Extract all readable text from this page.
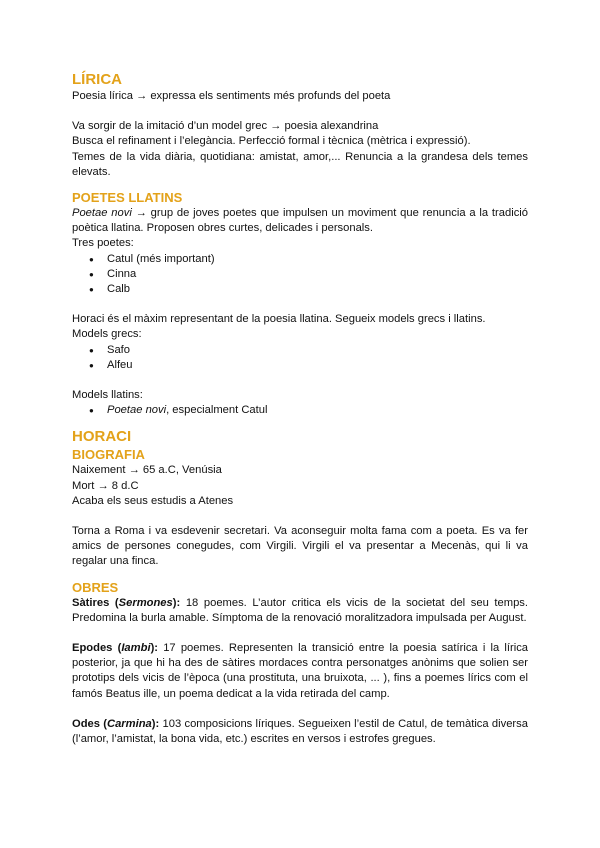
LÍRICA

Poesia lírica → expressa els sentiments més profunds del poeta

Va sorgir de la imitació d’un model grec → poesia alexandrina

Busca el refinament i l’elegància. Perfecció formal i tècnica (mètrica i expressió).

Temes de la vida diària, quotidiana: amistat, amor,... Renuncia a la grandesa dels temes elevats.

POETES LLATINS

Poetae novi → grup de joves poetes que impulsen un moviment que renuncia a la tradició poètica llatina. Proposen obres curtes, delicades i personals.

Tres poetes:

● Catul (més important)
● Cinna
● Calb

Horaci és el màxim representant de la poesia llatina. Segueix models grecs i llatins.

Models grecs:

● Safo
● Alfeu

Models llatins:

● Poetae novi, especialment Catul
HORACI
BIOGRAFIA

Naixement → 65 a.C, Venúsia

Mort → 8 d.C

Acaba els seus estudis a Atenes

Torna a Roma i va esdevenir secretari. Va aconseguir molta fama com a poeta. Es va fer amics de persones conegudes, com Virgili. Virgili el va presentar a Mecenàs, qui li va regalar una finca.

OBRES

Sàtires (Sermones): 18 poemes. L’autor critica els vicis de la societat del seu temps. Predomina la burla amable. Símptoma de la renovació moralitzadora impulsada per August.

Epodes (Iambi): 17 poemes. Representen la transició entre la poesia satírica i la lírica posterior, ja que hi ha des de sàtires mordaces contra personatges anònims que solien ser prototips dels vicis de l’època (una prostituta, una bruixota, ... ), fins a poemes lírics com el famós Beatus ille, un poema dedicat a la vida retirada del camp.

Odes (Carmina): 103 composicions líriques. Segueixen l’estil de Catul, de temàtica diversa (l’amor, l’amistat, la bona vida, etc.) escrites en versos i estrofes gregues.
